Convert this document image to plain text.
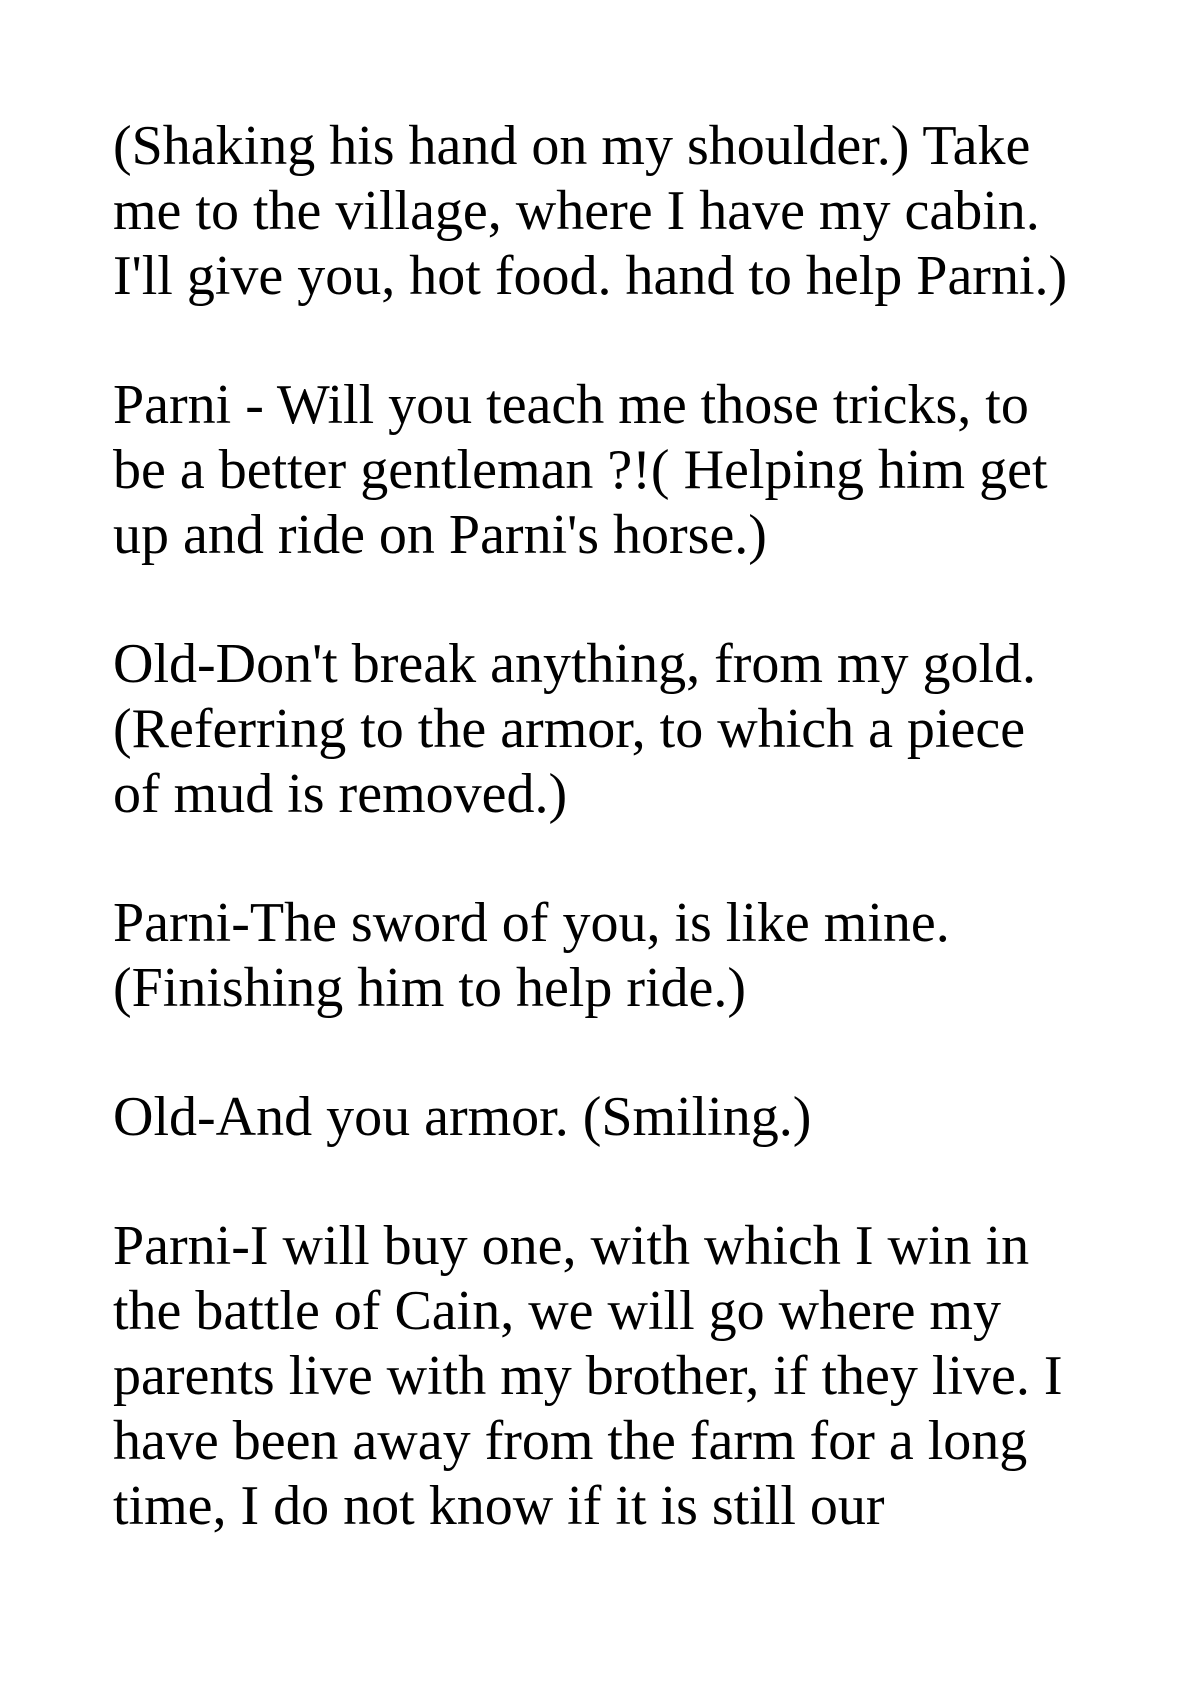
(Shaking his hand on my shoulder.) Take
me to the village, where I have my cabin.
I'll give you, hot food. hand to help Parni.)

Parni - Will you teach me those tricks, to
be a better gentleman ?!( Helping him get
up and ride on Parni's horse.)

Old-Don't break anything, from my gold.
(Referring to the armor, to which a piece
of mud is removed.)

Parni-The sword of you, is like mine.
(Finishing him to help ride.)

Old-And you armor. (Smiling.)

Parni-I will buy one, with which I win in
the battle of Cain, we will go where my
parents live with my brother, if they live. I
have been away from the farm for a long
time, I do not know if it is still our
